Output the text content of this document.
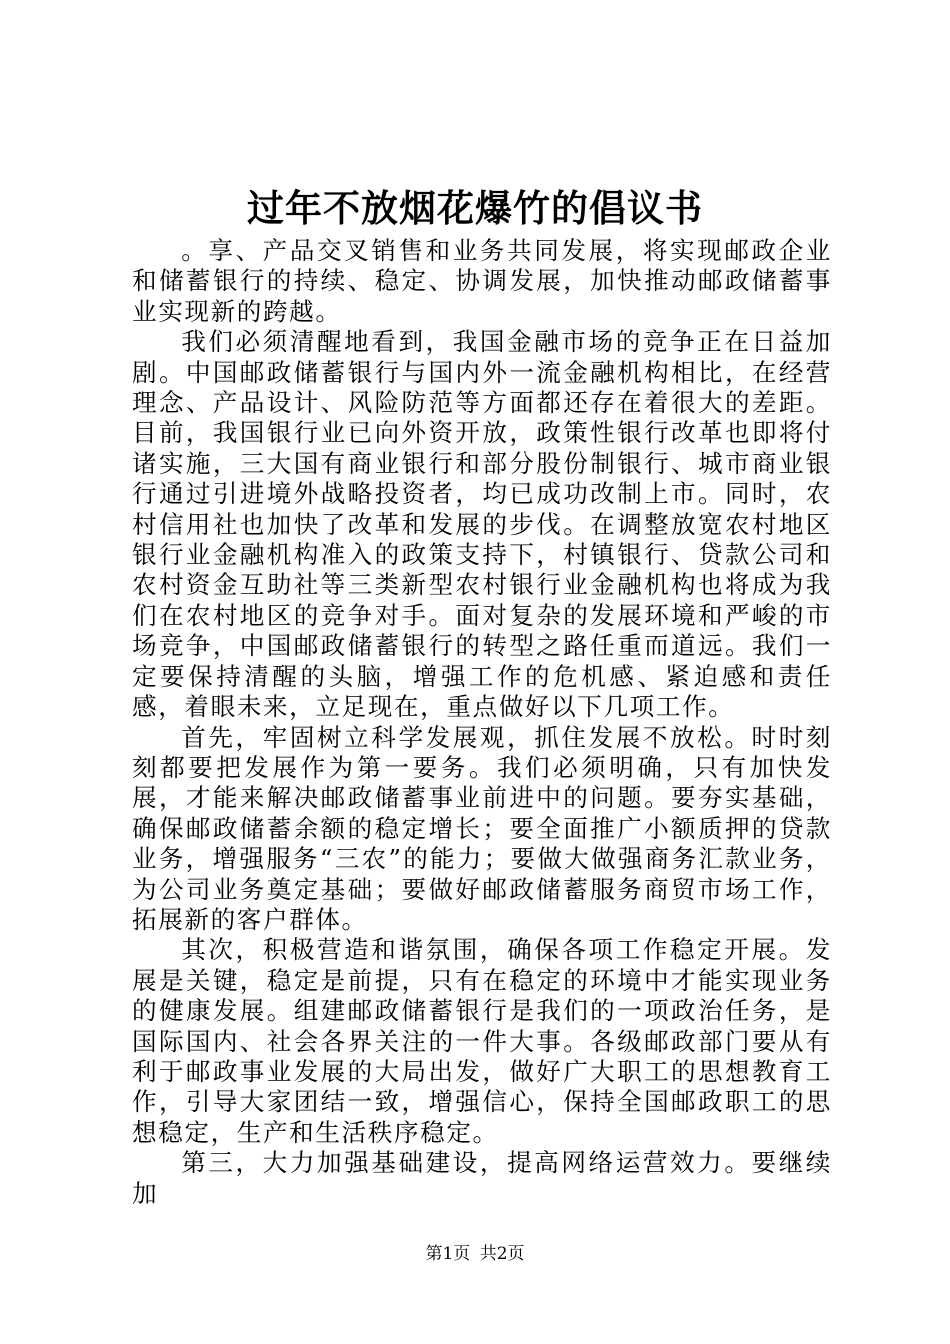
过年不放烟花爆竹的倡议书

。享、产品交叉销售和业务共同发展，将实现邮政企业和储蓄银行的持续、稳定、协调发展，加快推动邮政储蓄事业实现新的跨越。

我们必须清醒地看到，我国金融市场的竞争正在日益加剧。中国邮政储蓄银行与国内外一流金融机构相比，在经营理念、产品设计、风险防范等方面都还存在着很大的差距。目前，我国银行业已向外资开放，政策性银行改革也即将付诸实施，三大国有商业银行和部分股份制银行、城市商业银行通过引进境外战略投资者，均已成功改制上市。同时，农村信用社也加快了改革和发展的步伐。在调整放宽农村地区银行业金融机构准入的政策支持下，村镇银行、贷款公司和农村资金互助社等三类新型农村银行业金融机构也将成为我们在农村地区的竞争对手。面对复杂的发展环境和严峻的市场竞争，中国邮政储蓄银行的转型之路任重而道远。我们一定要保持清醒的头脑，增强工作的危机感、紧迫感和责任感，着眼未来，立足现在，重点做好以下几项工作。

首先，牢固树立科学发展观，抓住发展不放松。时时刻刻都要把发展作为第一要务。我们必须明确，只有加快发展，才能来解决邮政储蓄事业前进中的问题。要夯实基础，确保邮政储蓄余额的稳定增长；要全面推广小额质押的贷款业务，增强服务“三农”的能力；要做大做强商务汇款业务，为公司业务奠定基础；要做好邮政储蓄服务商贸市场工作，拓展新的客户群体。

其次，积极营造和谐氛围，确保各项工作稳定开展。发展是关键，稳定是前提，只有在稳定的环境中才能实现业务的健康发展。组建邮政储蓄银行是我们的一项政治任务，是国际国内、社会各界关注的一件大事。各级邮政部门要从有利于邮政事业发展的大局出发，做好广大职工的思想教育工作，引导大家团结一致，增强信心，保持全国邮政职工的思想稳定，生产和生活秩序稳定。

第三，大力加强基础建设，提高网络运营效力。要继续加

第1页 共2页
